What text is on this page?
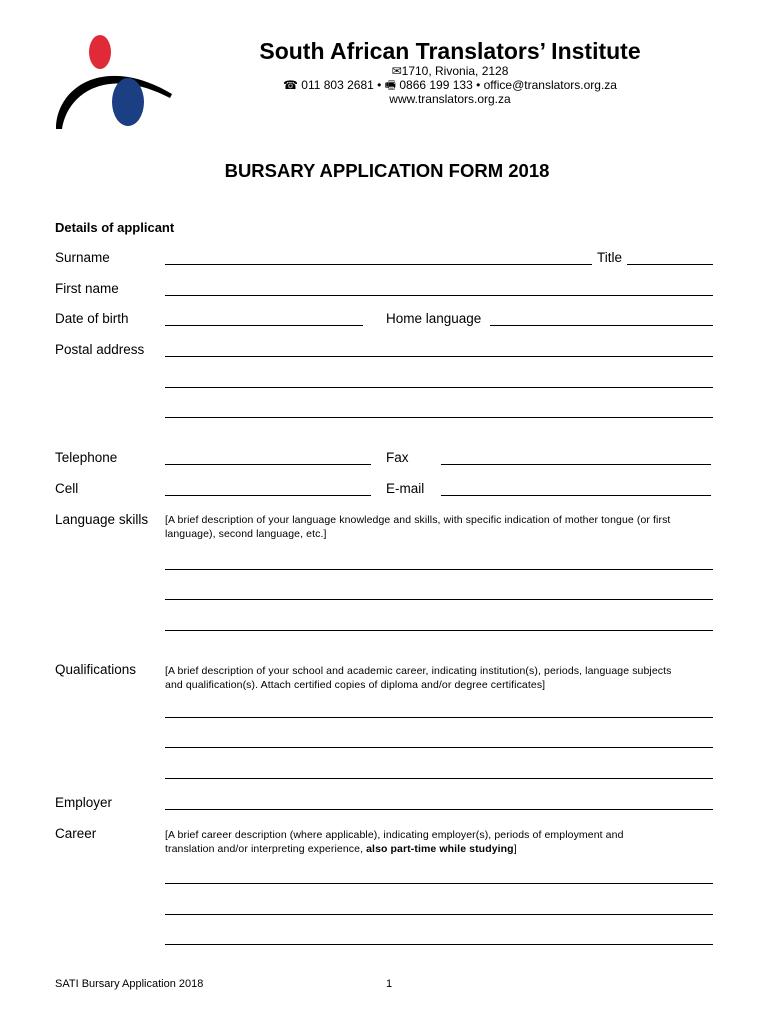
South African Translators’ Institute
✉1710, Rivonia, 2128
☎ 011 803 2681 • 🖷 0866 199 133 • office@translators.org.za
www.translators.org.za
BURSARY APPLICATION FORM 2018
Details of applicant
Surname	Title
First name
Date of birth	Home language
Postal address
Telephone	Fax
Cell	E-mail
Language skills [A brief description of your language knowledge and skills, with specific indication of mother tongue (or first language), second language, etc.]
Qualifications	[A brief description of your school and academic career, indicating institution(s), periods, language subjects and qualification(s). Attach certified copies of diploma and/or degree certificates]
Employer
Career	[A brief career description (where applicable), indicating employer(s), periods of employment and translation and/or interpreting experience, also part-time while studying]
SATI Bursary Application 2018	1
